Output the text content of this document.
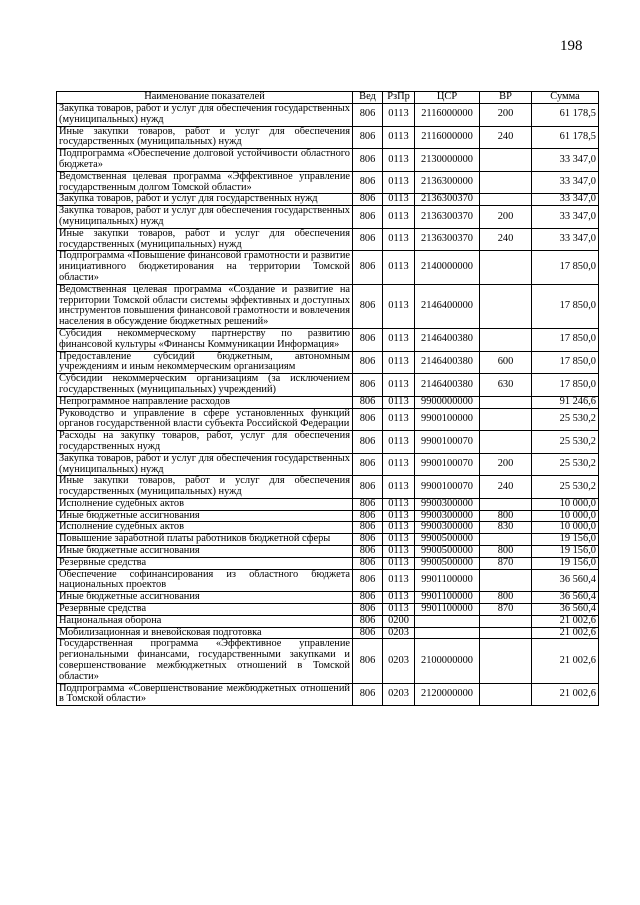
198
Наименование показателей	Вед	РзПр	ЦСР	ВР	Сумма
Закупка товаров, работ и услуг для обеспечения государственных (муниципальных) нужд	806	0113	2116000000	200	61 178,5
Иные закупки товаров, работ и услуг для обеспечения государственных (муниципальных) нужд	806	0113	2116000000	240	61 178,5
Подпрограмма «Обеспечение долговой устойчивости областного бюджета»	806	0113	2130000000		33 347,0
Ведомственная целевая программа «Эффективное управление государственным долгом Томской области»	806	0113	2136300000		33 347,0
Закупка товаров, работ и услуг для государственных нужд	806	0113	2136300370		33 347,0
Закупка товаров, работ и услуг для обеспечения государственных (муниципальных) нужд	806	0113	2136300370	200	33 347,0
Иные закупки товаров, работ и услуг для обеспечения государственных (муниципальных) нужд	806	0113	2136300370	240	33 347,0
Подпрограмма «Повышение финансовой грамотности и развитие инициативного бюджетирования на территории Томской области»	806	0113	2140000000		17 850,0
Ведомственная целевая программа «Создание и развитие на территории Томской области системы эффективных и доступных инструментов повышения финансовой грамотности и вовлечения населения в обсуждение бюджетных решений»	806	0113	2146400000		17 850,0
Субсидия некоммерческому партнерству по развитию финансовой культуры «Финансы Коммуникации Информация»	806	0113	2146400380		17 850,0
Предоставление субсидий бюджетным, автономным учреждениям и иным некоммерческим организациям	806	0113	2146400380	600	17 850,0
Субсидии некоммерческим организациям (за исключением государственных (муниципальных) учреждений)	806	0113	2146400380	630	17 850,0
Непрограммное направление расходов	806	0113	9900000000		91 246,6
Руководство и управление в сфере установленных функций органов государственной власти субъекта Российской Федерации	806	0113	9900100000		25 530,2
Расходы на закупку товаров, работ, услуг для обеспечения государственных нужд	806	0113	9900100070		25 530,2
Закупка товаров, работ и услуг для обеспечения государственных (муниципальных) нужд	806	0113	9900100070	200	25 530,2
Иные закупки товаров, работ и услуг для обеспечения государственных (муниципальных) нужд	806	0113	9900100070	240	25 530,2
Исполнение судебных актов	806	0113	9900300000		10 000,0
Иные бюджетные ассигнования	806	0113	9900300000	800	10 000,0
Исполнение судебных актов	806	0113	9900300000	830	10 000,0
Повышение заработной платы работников бюджетной сферы	806	0113	9900500000		19 156,0
Иные бюджетные ассигнования	806	0113	9900500000	800	19 156,0
Резервные средства	806	0113	9900500000	870	19 156,0
Обеспечение софинансирования из областного бюджета национальных проектов	806	0113	9901100000		36 560,4
Иные бюджетные ассигнования	806	0113	9901100000	800	36 560,4
Резервные средства	806	0113	9901100000	870	36 560,4
Национальная оборона	806	0200			21 002,6
Мобилизационная и вневойсковая подготовка	806	0203			21 002,6
Государственная программа «Эффективное управление региональными финансами, государственными закупками и совершенствование межбюджетных отношений в Томской области»	806	0203	2100000000		21 002,6
Подпрограмма «Совершенствование межбюджетных отношений в Томской области»	806	0203	2120000000		21 002,6
